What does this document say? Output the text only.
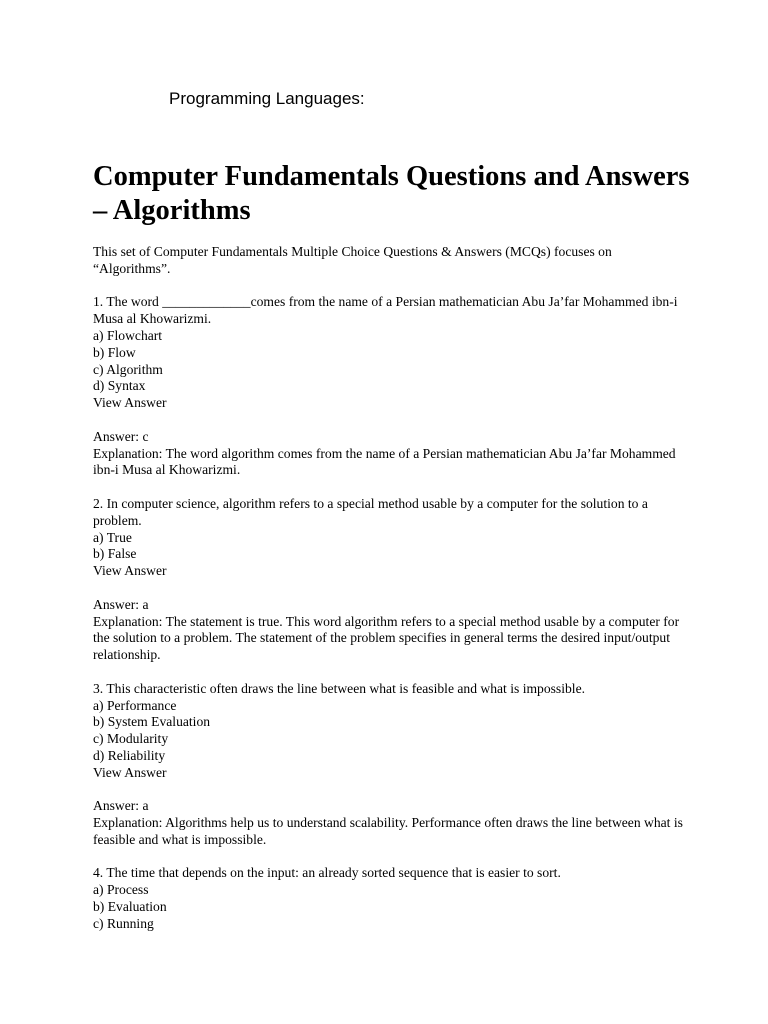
Programming Languages:
Computer Fundamentals Questions and Answers – Algorithms

This set of Computer Fundamentals Multiple Choice Questions & Answers (MCQs) focuses on “Algorithms”.

1. The word _____________comes from the name of a Persian mathematician Abu Ja’far Mohammed ibn-i Musa al Khowarizmi.

a) Flowchart
b) Flow
c) Algorithm
d) Syntax
View Answer
Answer: c

Explanation: The word algorithm comes from the name of a Persian mathematician Abu Ja’far Mohammed ibn-i Musa al Khowarizmi.

2. In computer science, algorithm refers to a special method usable by a computer for the solution to a problem.

a) True
b) False
View Answer
Answer: a

Explanation: The statement is true. This word algorithm refers to a special method usable by a computer for the solution to a problem. The statement of the problem specifies in general terms the desired input/output relationship.

3. This characteristic often draws the line between what is feasible and what is impossible.

a) Performance
b) System Evaluation
c) Modularity
d) Reliability
View Answer
Answer: a

Explanation: Algorithms help us to understand scalability. Performance often draws the line between what is feasible and what is impossible.

4. The time that depends on the input: an already sorted sequence that is easier to sort.

a) Process
b) Evaluation
c) Running
